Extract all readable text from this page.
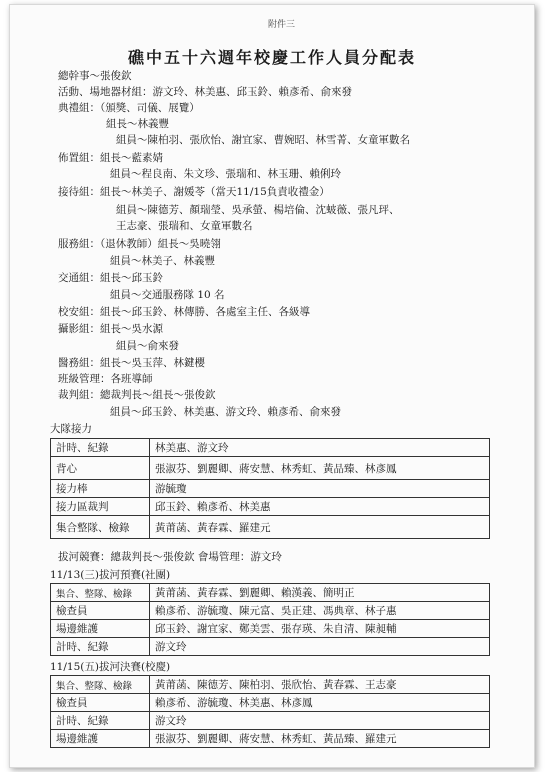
附件三
礁中五十六週年校慶工作人員分配表
總幹事～張俊欽
活動、場地器材組：游文玲、林美惠、邱玉鈴、賴彥希、俞來發
典禮組：（頒獎、司儀、展覽）
組長～林義豐
組員～陳柏羽、張欣怡、謝宜家、曹婉昭、林雪菁、女童軍數名
佈置組：組長～藍素婧
組員～程良南、朱文珍、張瑞和、林玉珊、賴俐玲
接待組：組長～林美子、謝媛苓（當天11/15負責收禮金）
組員～陳德芳、顏瑞瑩、吳承螢、楊培倫、沈蚾薇、張凡玶、
王志豪、張瑞和、女童軍數名
服務組：（退休教師）組長～吳曉翎
組員～林美子、林義豐
交通組：組長～邱玉鈴
組員～交通服務隊 10 名
校安組：組長～邱玉鈴、林傳勝、各處室主任、各級導
攝影組：組長～吳水源
組員～俞來發
醫務組：組長～吳玉萍、林鍵櫻
班級管理：各班導師
裁判組：總裁判長～組長～張俊欽
組員～邱玉鈴、林美惠、游文玲、賴彥希、俞來發
大隊接力
計時、紀錄	林美惠、游文玲
背心	張淑芬、劉麗卿、蔣安慧、林秀虹、黃品臻、林彥鳳
接力棒	游毓瓊
接力區裁判	邱玉鈴、賴彥希、林美惠
集合整隊、檢錄	黃莆菡、黃春霖、羅建元
拔河競賽：總裁判長～張俊欽 會場管理：游文玲
11/13(三)拔河預賽(社團)
集合、整隊、檢錄	黃莆菡、黃春霖、劉麗卿、賴漢義、簡明正
檢查員	賴彥希、游毓瓊、陳元富、吳正建、馮典章、林子惠
場邊維護	邱玉鈴、謝宜家、鄭美雲、張存瑛、朱自清、陳昶輔
計時、紀錄	游文玲
11/15(五)拔河決賽(校慶)
集合、整隊、檢錄	黃莆菡、陳德芳、陳柏羽、張欣怡、黃春霖、王志豪
檢查員	賴彥希、游毓瓊、林美惠、林彥鳳
計時、紀錄	游文玲
場邊維護	張淑芬、劉麗卿、蔣安慧、林秀虹、黃品臻、羅建元
